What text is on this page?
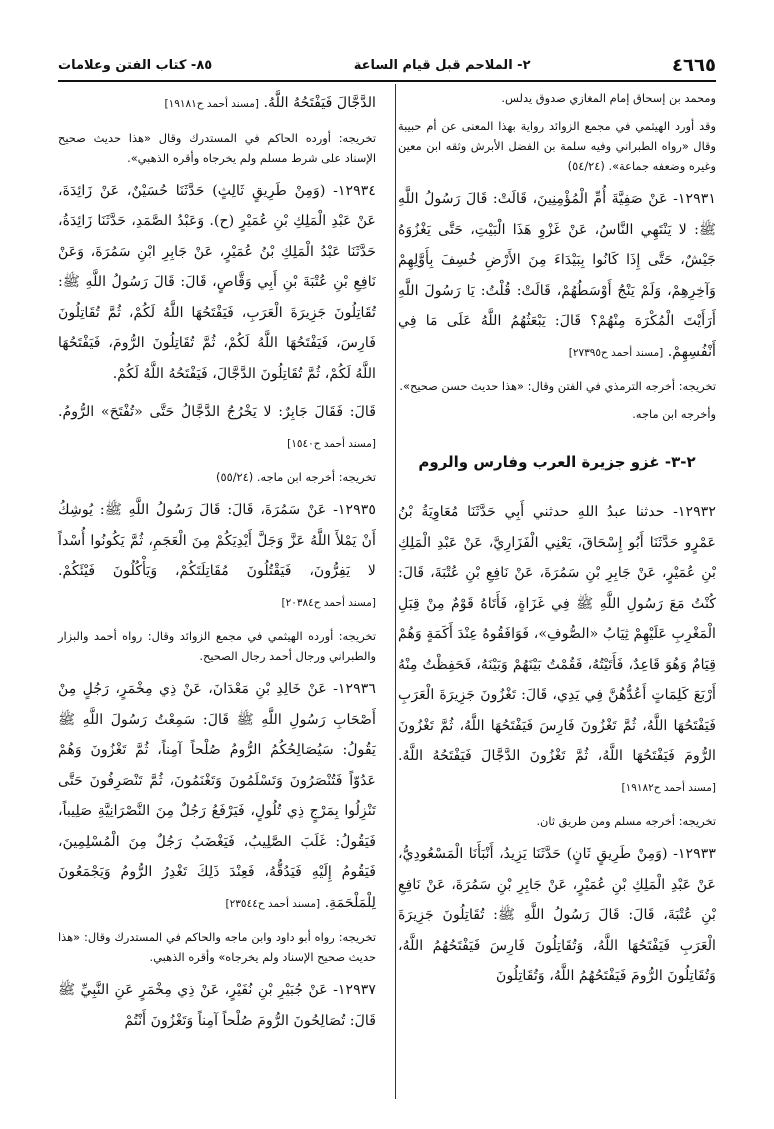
٤٦٦٥
٢- الملاحم قبل قيام الساعة
٨٥- كتاب الفتن وعلامات

ومحمد بن إسحاق إمام المغازي صدوق يدلس.

وقد أورد الهيثمي في مجمع الزوائد رواية بهذا المعنى عن أم حبيبة وقال «رواه الطبراني وفيه سلمة بن الفضل الأبرش وثقه ابن معين وغيره وضعفه جماعة». (٥٤/٢٤)

١٢٩٣١- عَنْ صَفِيَّةَ أُمِّ الْمُؤْمِنِينَ، قَالَتْ: قَالَ رَسُولُ اللَّهِ ﷺ: لا يَنْتَهِي النَّاسُ، عَنْ غَزْوِ هَذَا الْبَيْتِ، حَتَّى يَغْزُوَهُ جَيْشٌ، حَتَّى إِذَا كَانُوا بِبَيْدَاءَ مِنَ الأَرْضِ خُسِفَ بِأَوَّلِهِمْ وَآخِرِهِمْ، وَلَمْ يَنْجُ أَوْسَطُهُمْ، قَالَتْ: قُلْتُ: يَا رَسُولَ اللَّهِ أَرَأَيْتَ الْمُكْرَهَ مِنْهُمْ؟ قَالَ: يَبْعَثُهُمُ اللَّهُ عَلَى مَا فِي أَنْفُسِهِمْ. [مسند أحمد ح٢٧٣٩٥]

تخريجه: أخرجه الترمذي في الفتن وقال: «هذا حديث حسن صحيح».

وأخرجه ابن ماجه.

٢-٣- غزو جزيرة العرب وفارس والروم

١٢٩٣٢- حدثنا عبدُ اللهِ حدثني أَبِي حَدَّثَنَا مُعَاوِيَةُ بْنُ عَمْرٍو حَدَّثَنَا أَبُو إِسْحَاقَ، يَعْنِي الْفَزَارِيَّ، عَنْ عَبْدِ الْمَلِكِ بْنِ عُمَيْرٍ، عَنْ جَابِرِ بْنِ سَمُرَةَ، عَنْ نَافِعِ بْنِ عُتْبَةَ، قَالَ: كُنْتُ مَعَ رَسُولِ اللَّهِ ﷺ فِي غَزَاةٍ، فَأَتَاهُ قَوْمٌ مِنْ قِبَلِ الْمَغْرِبِ عَلَيْهِمْ ثِيَابُ «الصُّوفِ»، فَوَافَقُوهُ عِنْدَ أَكَمَةٍ وَهُمْ قِيَامٌ وَهُوَ قَاعِدٌ، فَأَتَيْتُهُ، فَقُمْتُ بَيْنَهُمْ وَبَيْنَهُ، فَحَفِظْتُ مِنْهُ أَرْبَعَ كَلِمَاتٍ أَعُدُّهُنَّ فِي يَدِي، قَالَ: تَغْزُونَ جَزِيرَةَ الْعَرَبِ فَيَفْتَحُهَا اللَّهُ، ثُمَّ تَغْزُونَ فَارِسَ فَيَفْتَحُهَا اللَّهُ، ثُمَّ تَغْزُونَ الرُّومَ فَيَفْتَحُهَا اللَّهُ، ثُمَّ تَغْزُونَ الدَّجَّالَ فَيَفْتَحُهُ اللَّهُ. [مسند أحمد ح١٩١٨٢]

تخريجه: أخرجه مسلم ومن طريق ثان.

١٢٩٣٣- (وَمِنْ طَرِيقٍ ثَانٍ) حَدَّثَنَا يَزِيدُ، أَنْبَأَنَا الْمَسْعُودِيُّ، عَنْ عَبْدِ الْمَلِكِ بْنِ عُمَيْرٍ، عَنْ جَابِرِ بْنِ سَمُرَةَ، عَنْ نَافِعِ بْنِ عُتْبَةَ، قَالَ: قَالَ رَسُولُ اللَّهِ ﷺ: تُقَاتِلُونَ جَزِيرَةَ الْعَرَبِ فَيَفْتَحُهَا اللَّهُ، وَتُقَاتِلُونَ فَارِسَ فَيَفْتَحُهُمُ اللَّهُ، وَتُقَاتِلُونَ الرُّومَ فَيَفْتَحُهُمُ اللَّهُ، وَتُقَاتِلُونَ

الدَّجَّالَ فَيَفْتَحُهُ اللَّهُ. [مسند أحمد ح١٩١٨١]

تخريجه: أورده الحاكم في المستدرك وقال «هذا حديث صحيح الإسناد على شرط مسلم ولم يخرجاه وأقره الذهبي».

١٢٩٣٤- (وَمِنْ طَرِيقٍ ثَالِثٍ) حَدَّثَنَا حُسَيْنٌ، عَنْ زَائِدَةَ، عَنْ عَبْدِ الْمَلِكِ بْنِ عُمَيْرٍ (ح). وَعَبْدُ الصَّمَدِ، حَدَّثَنَا زَائِدَةُ، حَدَّثَنَا عَبْدُ الْمَلِكِ بْنُ عُمَيْرٍ، عَنْ جَابِرِ ابْنِ سَمُرَةَ، وَعَنْ نَافِعِ بْنِ عُتْبَةَ بْنِ أَبِي وَقَّاصٍ، قَالَ: قَالَ رَسُولُ اللَّهِ ﷺ: تُقَاتِلُونَ جَزِيرَةَ الْعَرَبِ، فَيَفْتَحُهَا اللَّهُ لَكُمْ، ثُمَّ تُقَاتِلُونَ فَارِسَ، فَيَفْتَحُهَا اللَّهُ لَكُمْ، ثُمَّ تُقَاتِلُونَ الرُّومَ، فَيَفْتَحُهَا اللَّهُ لَكُمْ، ثُمَّ تُقَاتِلُونَ الدَّجَّالَ، فَيَفْتَحُهُ اللَّهُ لَكُمْ.

قَالَ: فَقَالَ جَابِرٌ: لا يَخْرُجُ الدَّجَّالُ حَتَّى «تُفْتَحَ» الرُّومُ. [مسند أحمد ح١٥٤٠]

تخريجه: أخرجه ابن ماجه. (٥٥/٢٤)

١٢٩٣٥- عَنْ سَمُرَةَ، قَالَ: قَالَ رَسُولُ اللَّهِ ﷺ: يُوشِكُ أَنْ يَمْلأَ اللَّهُ عَزَّ وَجَلَّ أَيْدِيَكُمْ مِنَ الْعَجَمِ، ثُمَّ يَكُونُوا أُسْداً لا يَفِرُّونَ، فَيَقْتُلُونَ مُقَاتِلَتَكُمْ، وَيَأْكُلُونَ فَيْئَكُمْ. [مسند أحمد ح٢٠٣٨٤]

تخريجه: أورده الهيثمي في مجمع الزوائد وقال: رواه أحمد والبزار والطبراني ورجال أحمد رجال الصحيح.

١٢٩٣٦- عَنْ خَالِدِ بْنِ مَعْدَانَ، عَنْ ذِي مِخْمَرٍ، رَجُلٍ مِنْ أَصْحَابِ رَسُولِ اللَّهِ ﷺ قَالَ: سَمِعْتُ رَسُولَ اللَّهِ ﷺ يَقُولُ: سَيُصَالِحُكُمُ الرُّومُ صُلْحاً آمِناً، ثُمَّ تَغْزُونَ وَهُمْ عَدُوّاً فَتُنْصَرُونَ وَتَسْلَمُونَ وَتَغْنَمُونَ، ثُمَّ تَنْصَرِفُونَ حَتَّى تَنْزِلُوا بِمَرْجٍ ذِي تُلُولٍ، فَيَرْفَعُ رَجُلٌ مِنَ النَّصْرَانِيَّةِ صَلِيباً، فَيَقُولُ: غَلَبَ الصَّلِيبُ، فَيَغْضَبُ رَجُلٌ مِنَ الْمُسْلِمِينَ، فَيَقُومُ إِلَيْهِ فَيَدُقُّهُ، فَعِنْدَ ذَلِكَ تَغْدِرُ الرُّومُ وَيَجْمَعُونَ لِلْمَلْحَمَةِ. [مسند أحمد ح٢٣٥٤٤]

تخريجه: رواه أبو داود وابن ماجه والحاكم في المستدرك وقال: «هذا حديث صحيح الإسناد ولم يخرجاه» وأقره الذهبي.

١٢٩٣٧- عَنْ جُبَيْرِ بْنِ نُفَيْرٍ، عَنْ ذِي مِخْمَرٍ عَنِ النَّبِيِّ ﷺ قَالَ: تُصَالِحُونَ الرُّومَ صُلْحاً آمِناً وَتَغْزُونَ أَنْتُمْ
